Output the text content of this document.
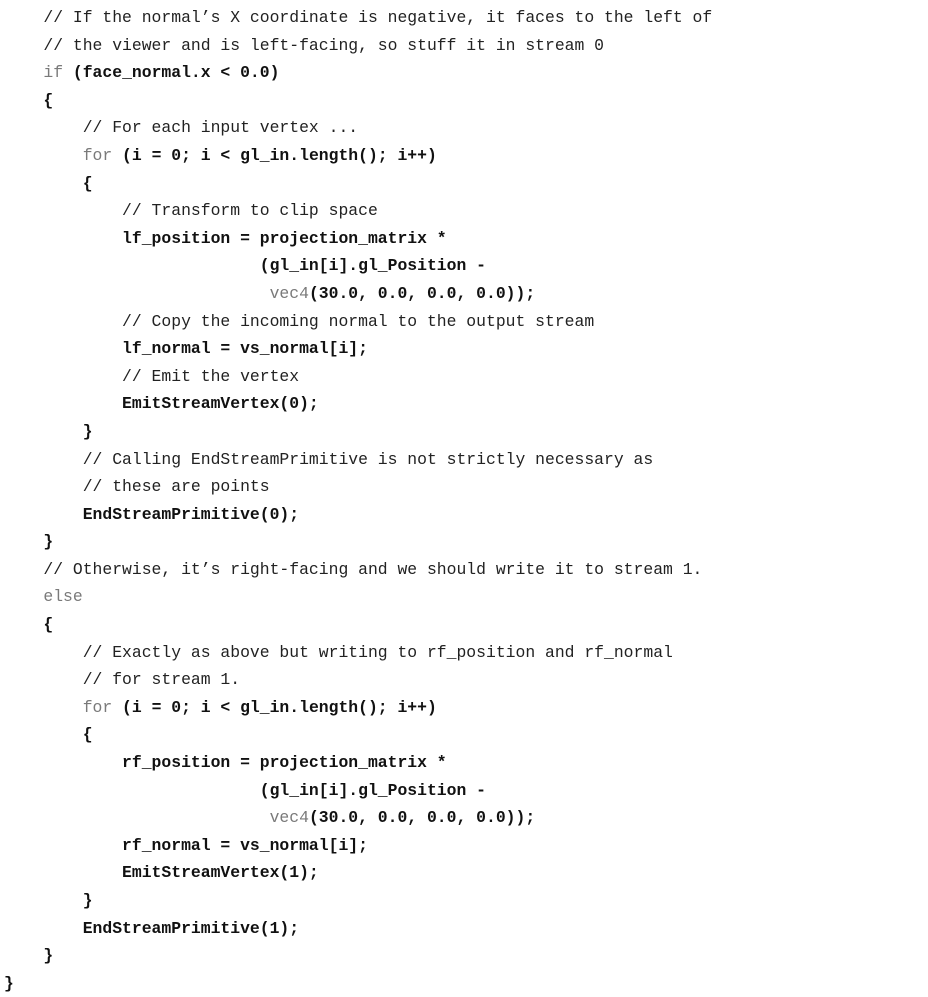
// If the normal’s X coordinate is negative, it faces to the left of
// the viewer and is left-facing, so stuff it in stream 0
if (face_normal.x < 0.0)
{
// For each input vertex ...
for (i = 0; i < gl_in.length(); i++)
{
// Transform to clip space
lf_position = projection_matrix *
(gl_in[i].gl_Position -
vec4(30.0, 0.0, 0.0, 0.0));
// Copy the incoming normal to the output stream
lf_normal = vs_normal[i];
// Emit the vertex
EmitStreamVertex(0);
}
// Calling EndStreamPrimitive is not strictly necessary as
// these are points
EndStreamPrimitive(0);
}
// Otherwise, it’s right-facing and we should write it to stream 1.
else
{
// Exactly as above but writing to rf_position and rf_normal
// for stream 1.
for (i = 0; i < gl_in.length(); i++)
{
rf_position = projection_matrix *
(gl_in[i].gl_Position -
vec4(30.0, 0.0, 0.0, 0.0));
rf_normal = vs_normal[i];
EmitStreamVertex(1);
}
EndStreamPrimitive(1);
}
}
